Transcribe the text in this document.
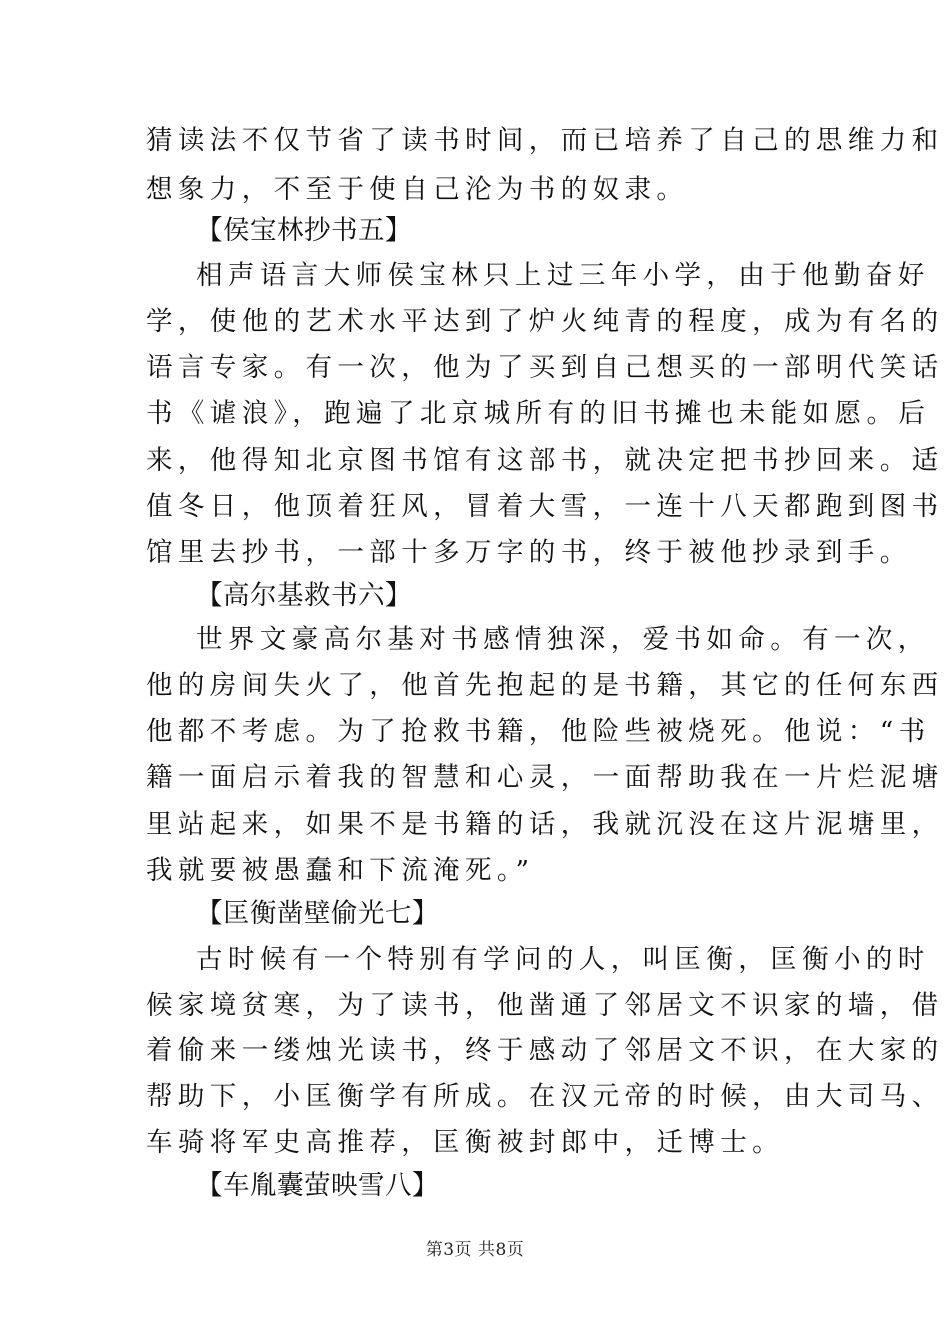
猜读法不仅节省了读书时间，而已培养了自己的思维力和
想象力，不至于使自己沦为书的奴隶。
【侯宝林抄书五】
相声语言大师侯宝林只上过三年小学，由于他勤奋好
学，使他的艺术水平达到了炉火纯青的程度，成为有名的
语言专家。有一次，他为了买到自己想买的一部明代笑话
书《谑浪》，跑遍了北京城所有的旧书摊也未能如愿。后
来，他得知北京图书馆有这部书，就决定把书抄回来。适
值冬日，他顶着狂风，冒着大雪，一连十八天都跑到图书
馆里去抄书，一部十多万字的书，终于被他抄录到手。
【高尔基救书六】
世界文豪高尔基对书感情独深，爱书如命。有一次，
他的房间失火了，他首先抱起的是书籍，其它的任何东西
他都不考虑。为了抢救书籍，他险些被烧死。他说：“书
籍一面启示着我的智慧和心灵，一面帮助我在一片烂泥塘
里站起来，如果不是书籍的话，我就沉没在这片泥塘里，
我就要被愚蠢和下流淹死。”
【匡衡凿壁偷光七】
古时候有一个特别有学问的人，叫匡衡，匡衡小的时
候家境贫寒，为了读书，他凿通了邻居文不识家的墙，借
着偷来一缕烛光读书，终于感动了邻居文不识，在大家的
帮助下，小匡衡学有所成。在汉元帝的时候，由大司马、
车骑将军史高推荐，匡衡被封郎中，迁博士。
【车胤囊萤映雪八】
第3页 共8页
